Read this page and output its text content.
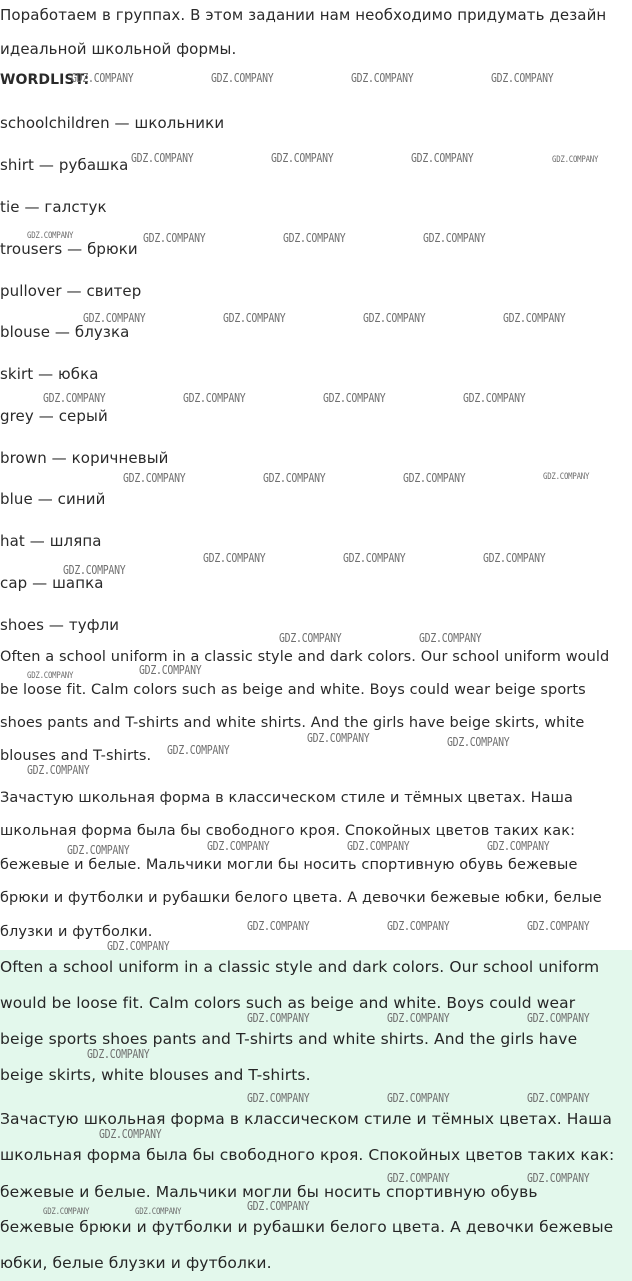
Поработаем в группах. В этом задании нам необходимо придумать дезайн
идеальной школьной формы.
WORDLIST:
schoolchildren — школьники
shirt — рубашка
tie — галстук
trousers — брюки
pullover — свитер
blouse — блузка
skirt — юбка
grey — серый
brown — коричневый
blue — синий
hat — шляпа
cap — шапка
shoes — туфли
Often a school uniform in a classic style and dark colors. Our school uniform would
be loose fit. Calm colors such as beige and white. Boys could wear beige sports
shoes pants and T-shirts and white shirts. And the girls have beige skirts, white
blouses and T-shirts.
Зачастую школьная форма в классическом стиле и тёмных цветах. Наша
школьная форма была бы свободного кроя. Спокойных цветов таких как:
бежевые и белые. Мальчики могли бы носить спортивную обувь бежевые
брюки и футболки и рубашки белого цвета. А девочки бежевые юбки, белые
блузки и футболки.
Often a school uniform in a classic style and dark colors. Our school uniform
would be loose fit. Calm colors such as beige and white. Boys could wear
beige sports shoes pants and T-shirts and white shirts. And the girls have
beige skirts, white blouses and T-shirts.
Зачастую школьная форма в классическом стиле и тёмных цветах. Наша
школьная форма была бы свободного кроя. Спокойных цветов таких как:
бежевые и белые. Мальчики могли бы носить спортивную обувь
бежевые брюки и футболки и рубашки белого цвета. А девочки бежевые
юбки, белые блузки и футболки.
GDZ.COMPANY	GDZ.COMPANY	GDZ.COMPANY	GDZ.COMPANY
GDZ.COMPANY	GDZ.COMPANY	GDZ.COMPANY	GDZ.COMPANY
GDZ.COMPANY	GDZ.COMPANY	GDZ.COMPANY	GDZ.COMPANY
GDZ.COMPANY	GDZ.COMPANY	GDZ.COMPANY	GDZ.COMPANY
GDZ.COMPANY	GDZ.COMPANY	GDZ.COMPANY	GDZ.COMPANY
GDZ.COMPANY	GDZ.COMPANY	GDZ.COMPANY	GDZ.COMPANY
GDZ.COMPANY	GDZ.COMPANY	GDZ.COMPANY
GDZ.COMPANY
GDZ.COMPANY	GDZ.COMPANY
GDZ.COMPANY
GDZ.COMPANY
GDZ.COMPANY	GDZ.COMPANY
GDZ.COMPANY
GDZ.COMPANY
GDZ.COMPANY	GDZ.COMPANY	GDZ.COMPANY
GDZ.COMPANY
GDZ.COMPANY	GDZ.COMPANY	GDZ.COMPANY
GDZ.COMPANY
GDZ.COMPANY	GDZ.COMPANY	GDZ.COMPANY
GDZ.COMPANY
GDZ.COMPANY	GDZ.COMPANY	GDZ.COMPANY
GDZ.COMPANY
GDZ.COMPANY	GDZ.COMPANY
GDZ.COMPANY
GDZ.COMPANY	GDZ.COMPANY
